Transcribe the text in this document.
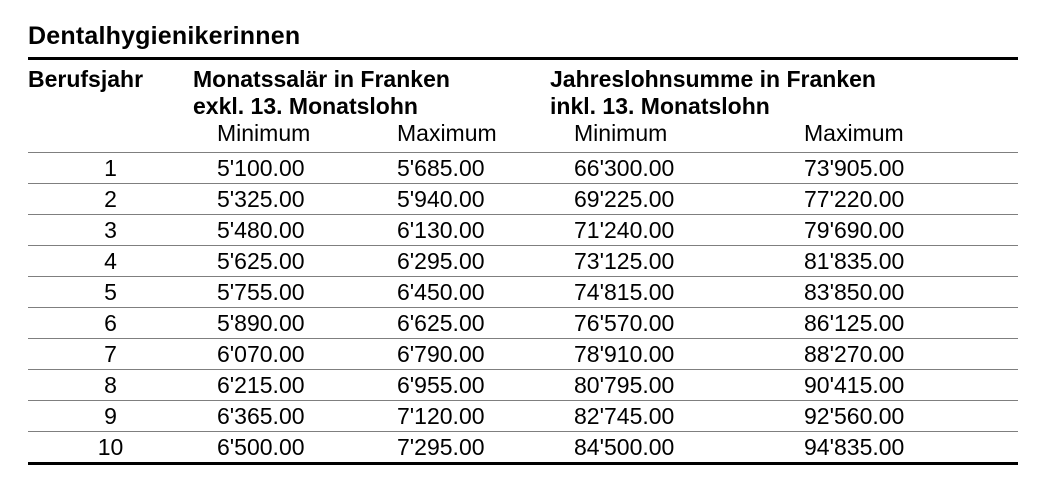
Dentalhygienikerinnen
Berufsjahr	Monatssalär in Franken
exkl. 13. Monatslohn

Jahreslohnsumme in Franken
inkl. 13. Monatslohn

	Minimum	Maximum	Minimum	Maximum
1	5'100.00	5'685.00	66'300.00	73'905.00
2	5'325.00	5'940.00	69'225.00	77'220.00
3	5'480.00	6'130.00	71'240.00	79'690.00
4	5'625.00	6'295.00	73'125.00	81'835.00
5	5'755.00	6'450.00	74'815.00	83'850.00
6	5'890.00	6'625.00	76'570.00	86'125.00
7	6'070.00	6'790.00	78'910.00	88'270.00
8	6'215.00	6'955.00	80'795.00	90'415.00
9	6'365.00	7'120.00	82'745.00	92'560.00
10	6'500.00	7'295.00	84'500.00	94'835.00
